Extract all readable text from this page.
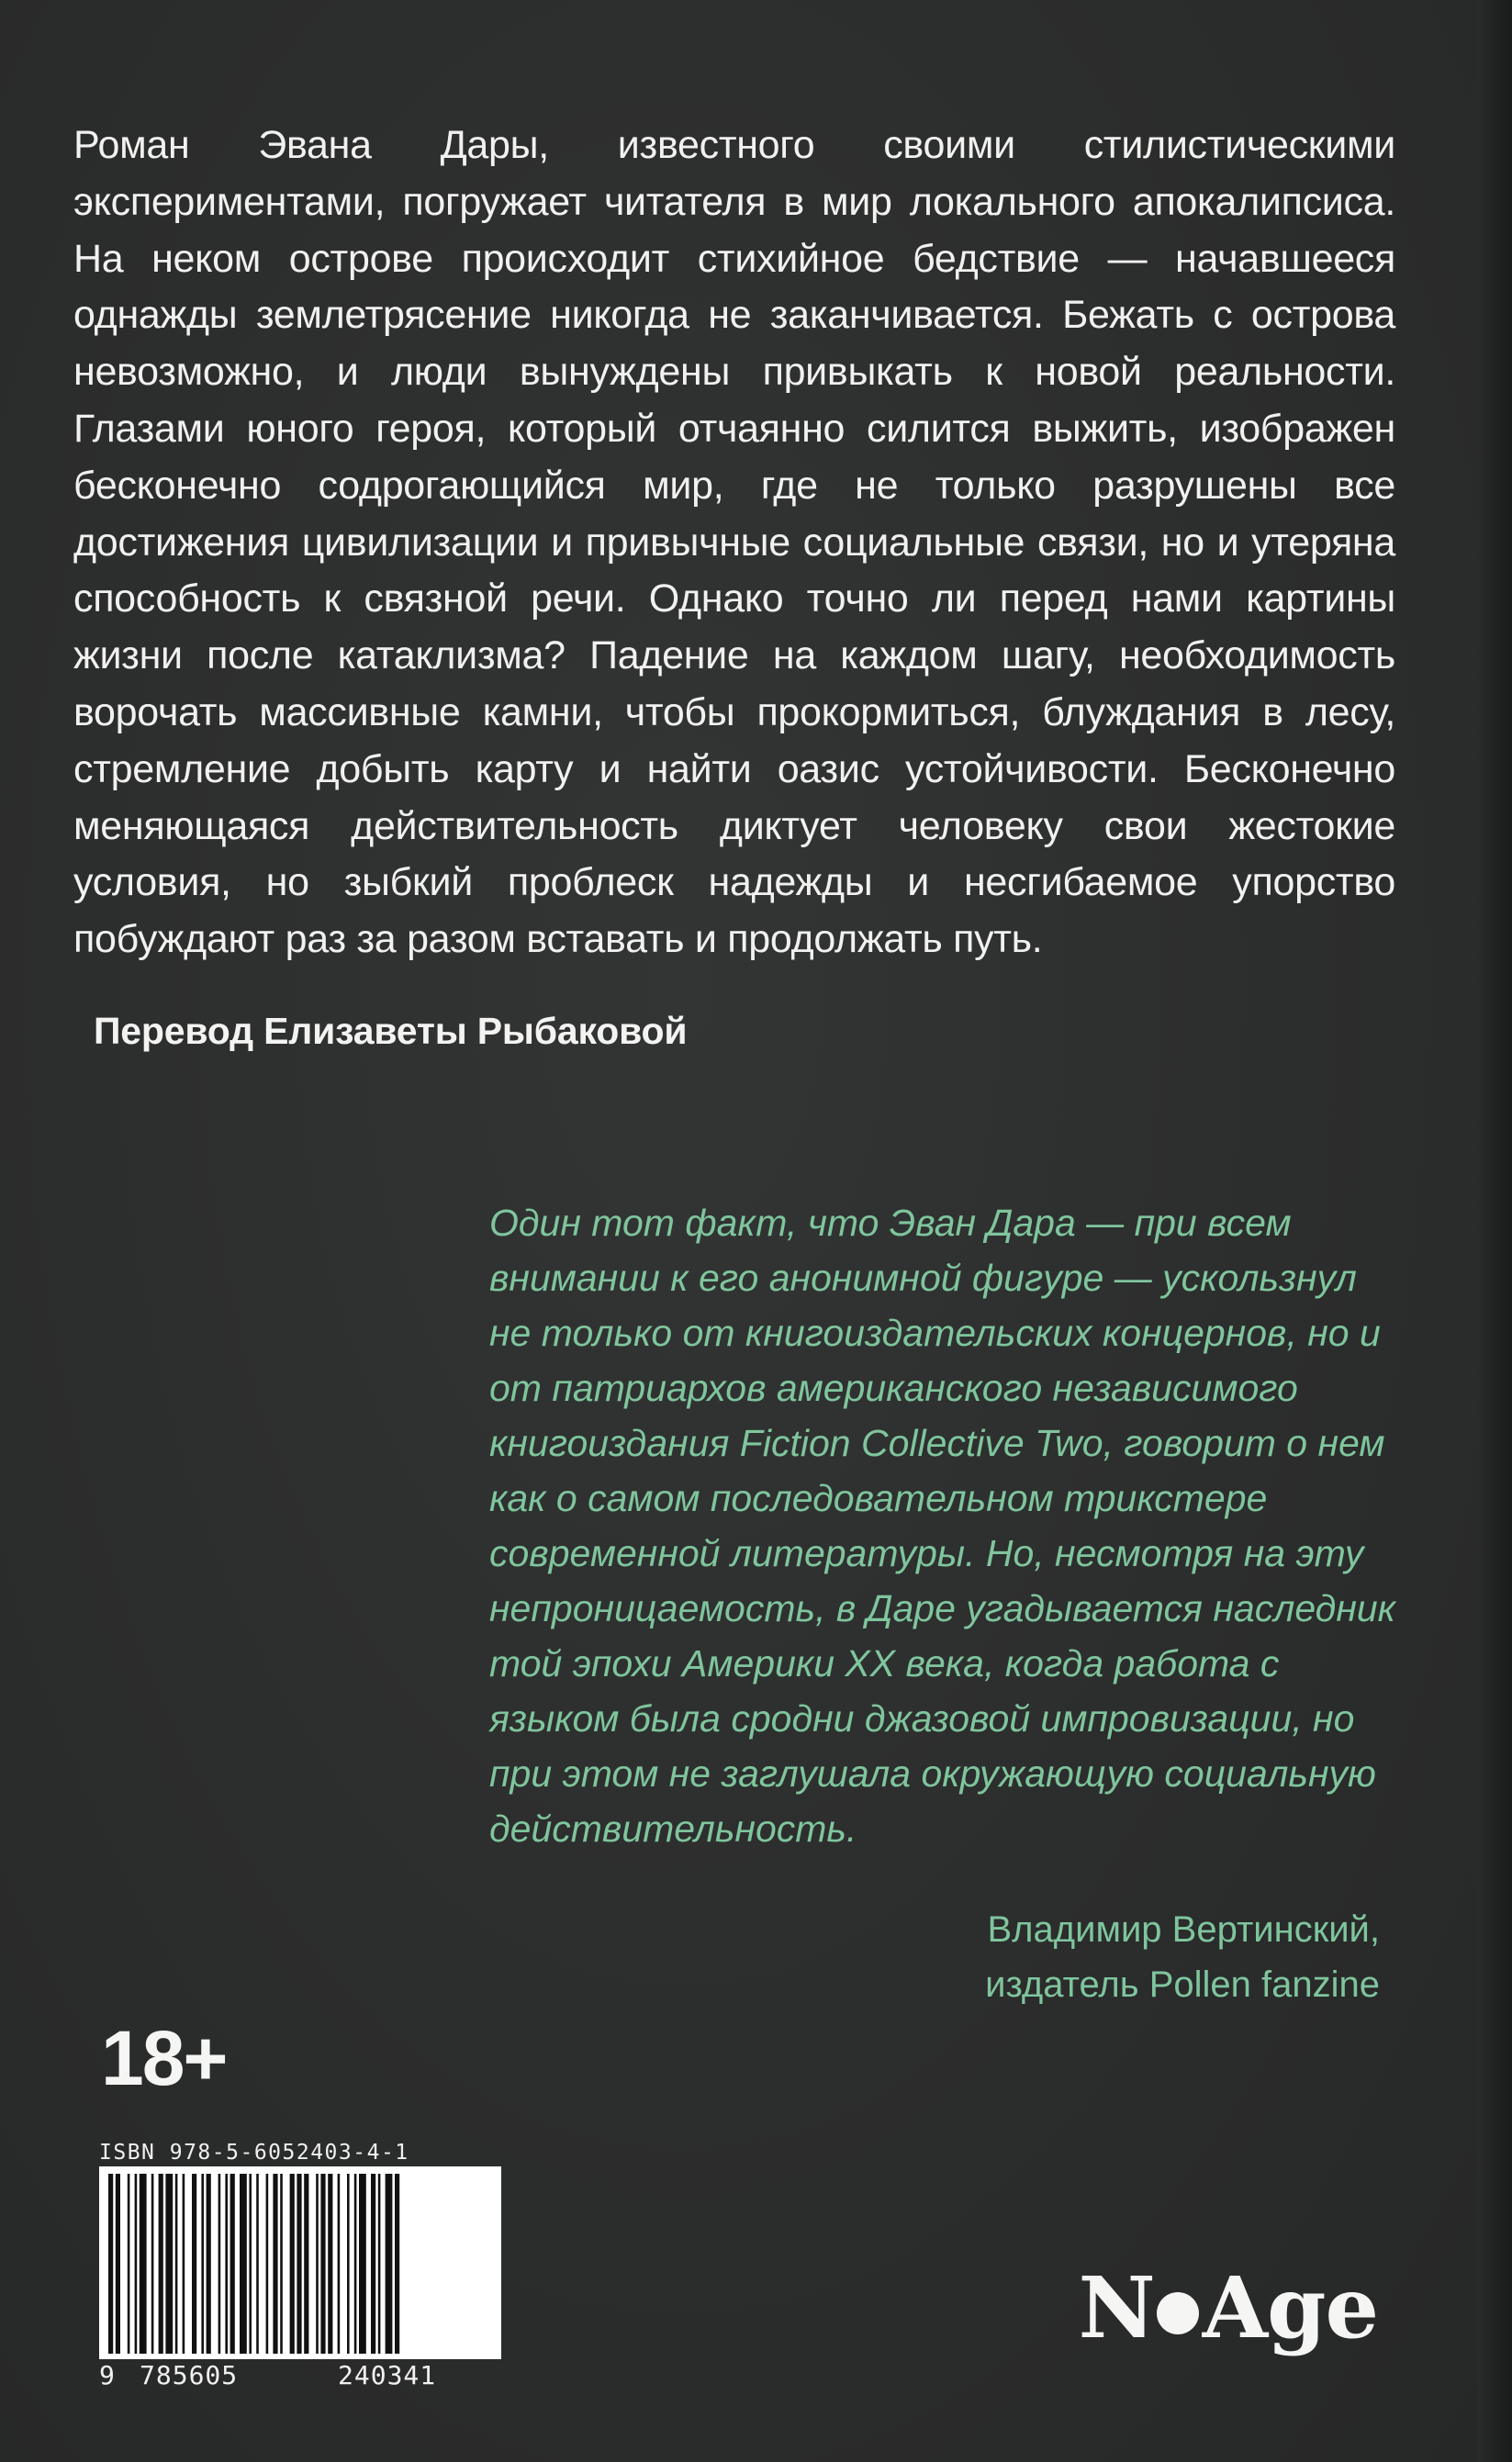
Роман Эвана Дары, известного своими стилистическими экспериментами, погружает читателя в мир локального апокалипсиса. На неком острове происходит стихийное бедствие — начавшееся однажды землетрясение никогда не заканчивается. Бежать с острова невозможно, и люди вынуждены привыкать к новой реальности. Глазами юного героя, который отчаянно силится выжить, изображен бесконечно содрогающийся мир, где не только разрушены все достижения цивилизации и привычные социальные связи, но и утеряна способность к связной речи. Однако точно ли перед нами картины жизни после катаклизма? Падение на каждом шагу, необходимость ворочать массивные камни, чтобы прокормиться, блуждания в лесу, стремление добыть карту и найти оазис устойчивости. Бесконечно меняющаяся действительность диктует человеку свои жестокие условия, но зыбкий проблеск надежды и несгибаемое упорство побуждают раз за разом вставать и продолжать путь.
Перевод Елизаветы Рыбаковой

Один тот факт, что Эван Дара — при всем внимании к его анонимной фигуре — ускользнул не только от книгоиздательских концернов, но и от патриархов американского независимого книгоиздания Fiction Collective Two, говорит о нем как о самом последовательном трикстере современной литературы. Но, несмотря на эту непроницаемость, в Даре угадывается наследник той эпохи Америки XX века, когда работа с языком была сродни джазовой импровизации, но при этом не заглушала окружающую социальную действительность.

Владимир Вертинский,
издатель Pollen fanzine
18+
ISBN 978-5-6052403-4-1
9 785605	240341
N Age
